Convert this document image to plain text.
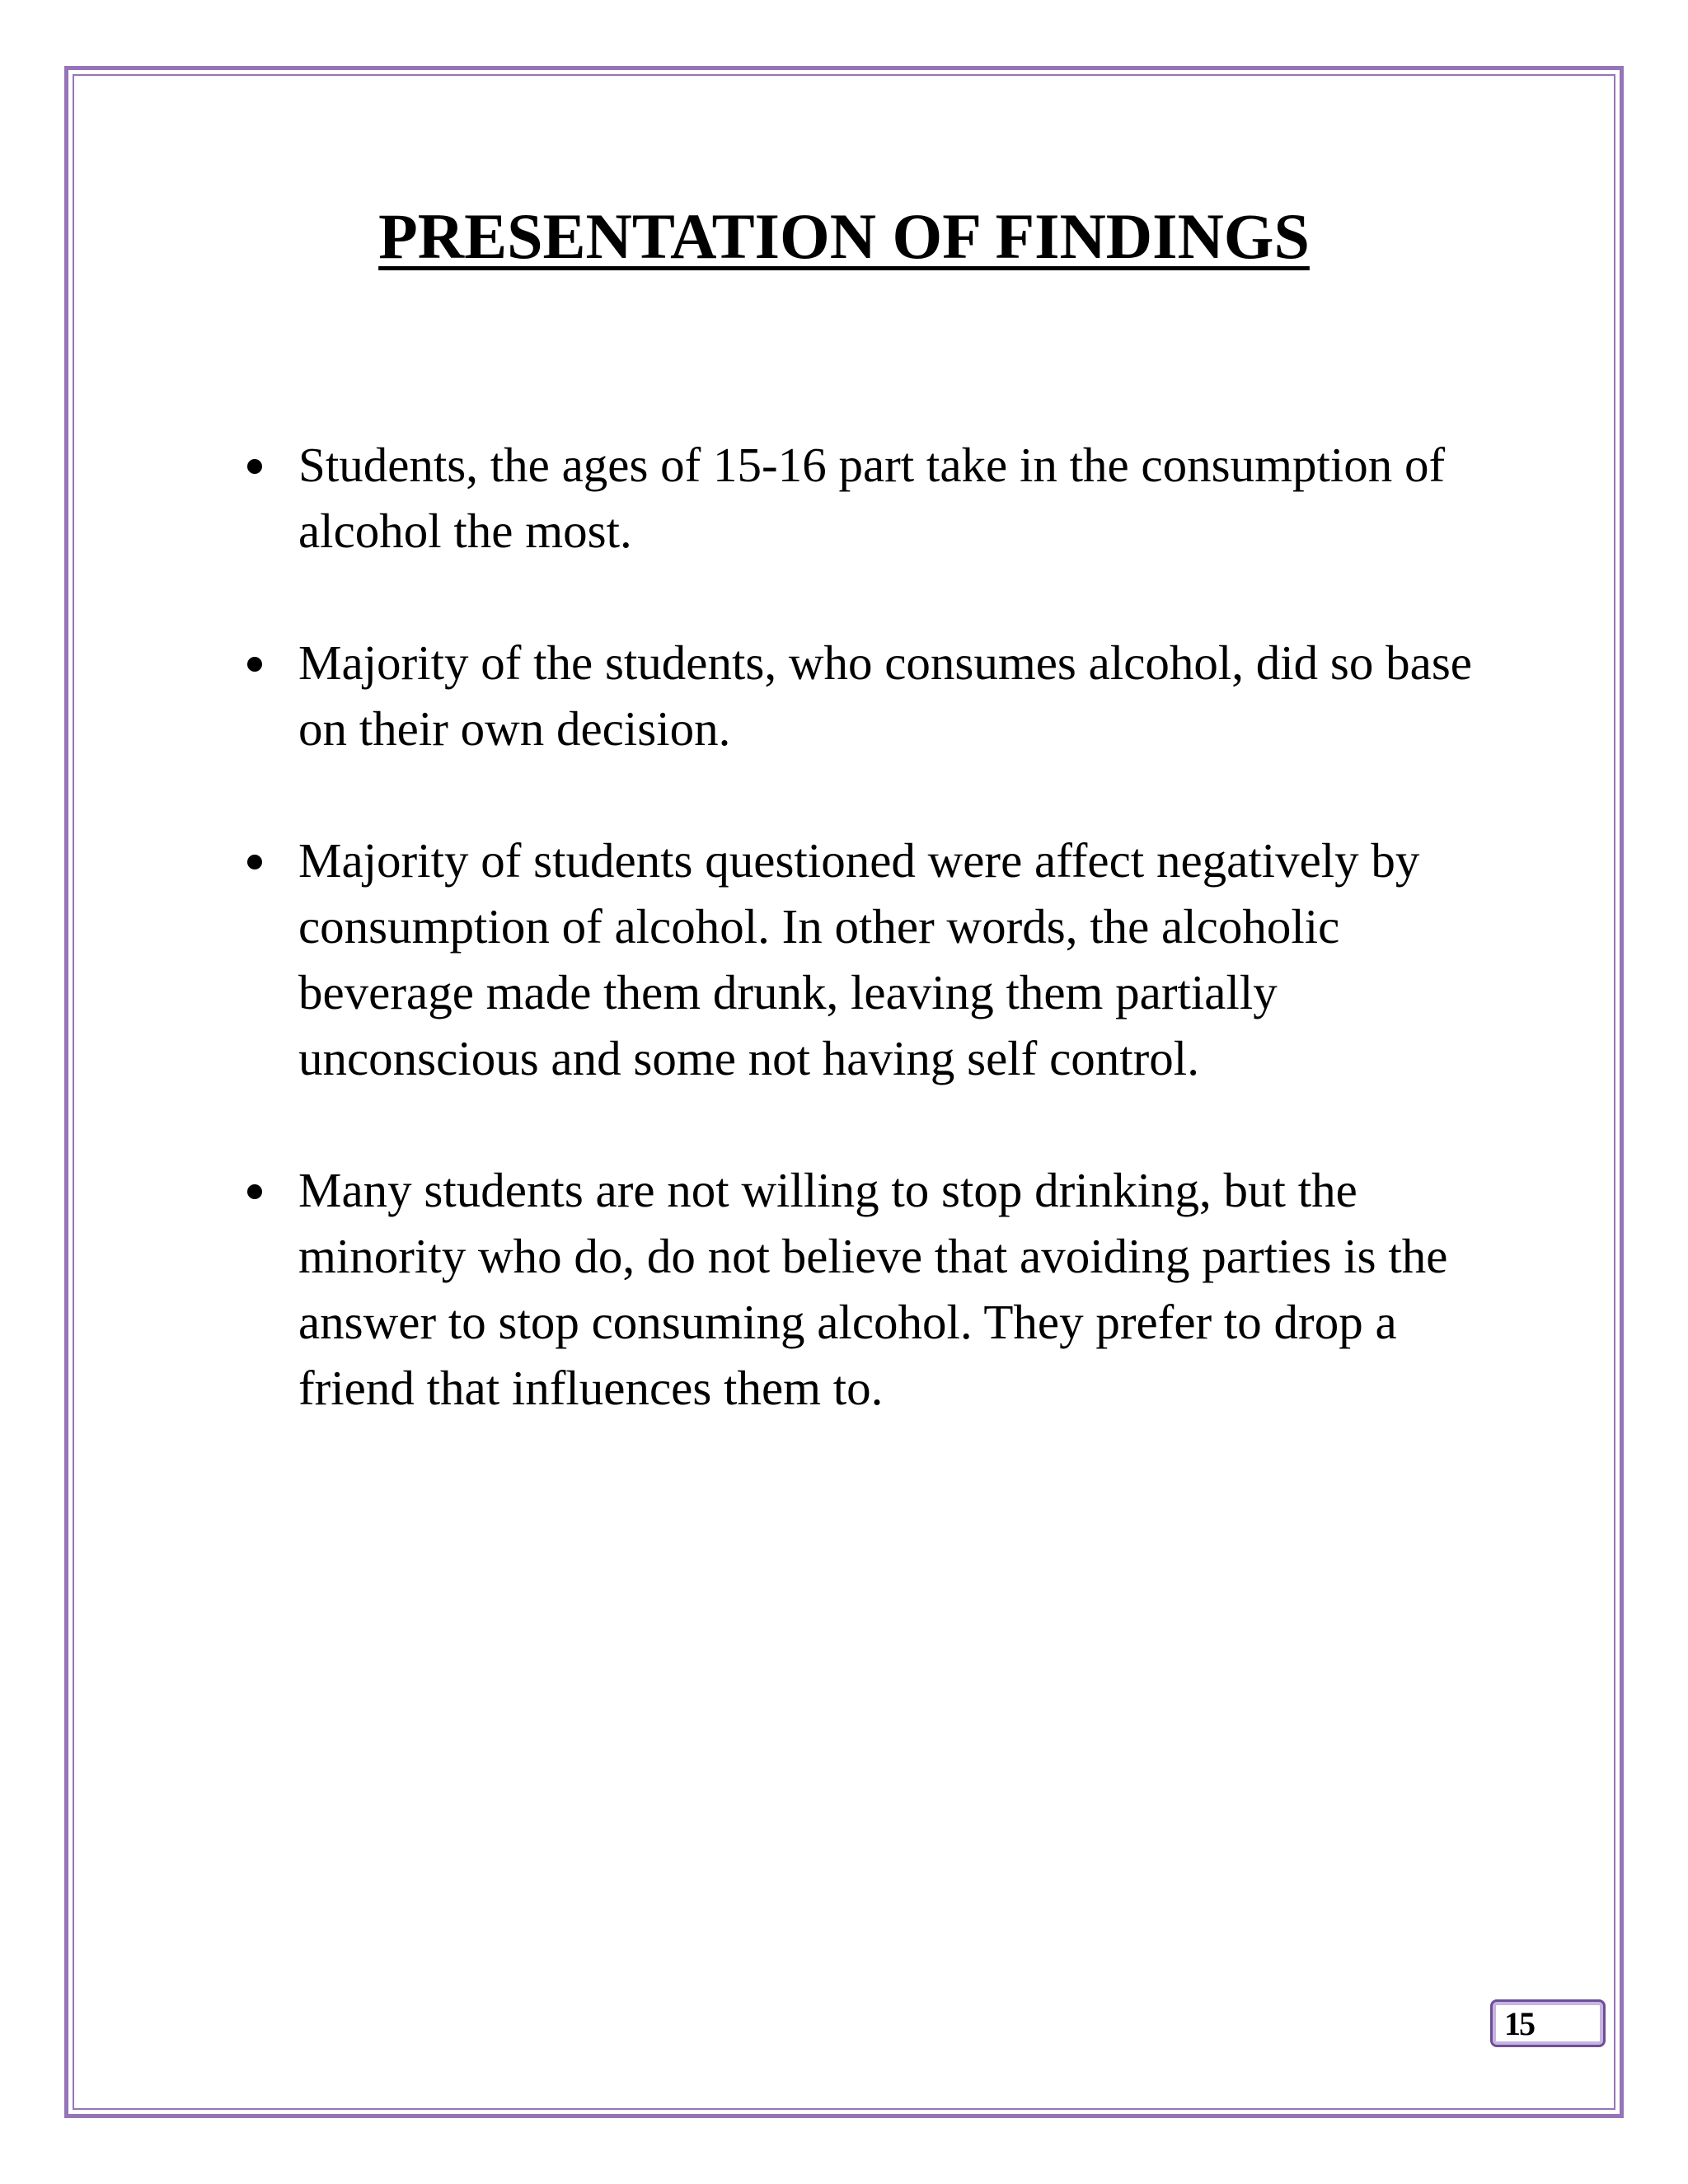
PRESENTATION OF FINDINGS
Students, the ages of 15-16 part take in the consumption of alcohol the most.
Majority of the students, who consumes alcohol, did so base on their own decision.
Majority of students questioned were affect negatively by consumption of alcohol. In other words, the alcoholic beverage made them drunk, leaving them partially unconscious and some not having self control.
Many students are not willing to stop drinking, but the minority who do, do not believe that avoiding parties is the answer to stop consuming alcohol. They prefer to drop a friend that influences them to.
15
